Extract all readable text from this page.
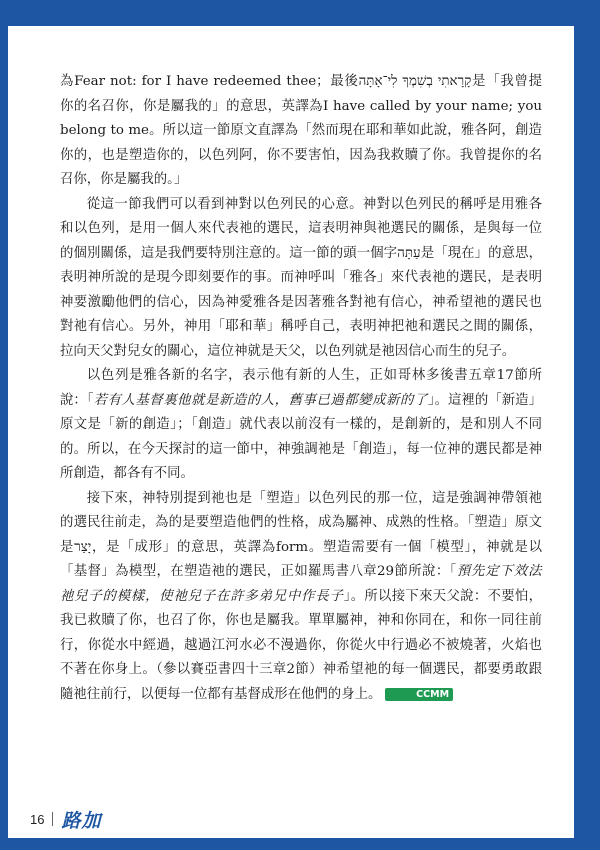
為Fear not: for I have redeemed thee；最後קָרָאתִי בְשִׁמְךָ לִי־אָתָּה是「我曾提你的名召你，你是屬我的」的意思，英譯為I have called by your name; you belong to me。所以這一節原文直譯為「然而現在耶和華如此說，雅各阿，創造你的，也是塑造你的，以色列阿，你不要害怕，因為我救贖了你。我曾提你的名召你，你是屬我的。」

從這一節我們可以看到神對以色列民的心意。神對以色列民的稱呼是用雅各和以色列，是用一個人來代表祂的選民，這表明神與祂選民的關係，是與每一位的個別關係，這是我們要特別注意的。這一節的頭一個字עַתָּה是「現在」的意思，表明神所說的是現今即刻要作的事。而神呼叫「雅各」來代表祂的選民，是表明神要激勵他們的信心，因為神愛雅各是因著雅各對祂有信心，神希望祂的選民也對祂有信心。另外，神用「耶和華」稱呼自己，表明神把祂和選民之間的關係，拉向天父對兒女的關心，這位神就是天父，以色列就是祂因信心而生的兒子。

以色列是雅各新的名字，表示他有新的人生，正如哥林多後書五章17節所說：「若有人基督裏他就是新造的人，舊事已過都變成新的了」。這裡的「新造」原文是「新的創造」；「創造」就代表以前沒有一樣的，是創新的，是和別人不同的。所以，在今天探討的這一節中，神強調祂是「創造」，每一位神的選民都是神所創造，都各有不同。

接下來，神特別提到祂也是「塑造」以色列民的那一位，這是強調神帶領祂的選民往前走，為的是要塑造他們的性格，成為屬神、成熟的性格。「塑造」原文是יָצַר，是「成形」的意思，英譯為form。塑造需要有一個「模型」，神就是以「基督」為模型，在塑造祂的選民，正如羅馬書八章29節所說：「預先定下效法祂兒子的模樣，使祂兒子在許多弟兄中作長子」。所以接下來天父說：不要怕，我已救贖了你，也召了你，你也是屬我。單單屬神，神和你同在，和你一同往前行，你從水中經過，越過江河水必不漫過你，你從火中行過必不被燒著，火焰也不著在你身上。（參以賽亞書四十三章2節）神希望祂的每一個選民，都要勇敢跟隨祂往前行，以便每一位都有基督成形在他們的身上。	CCMM

16 路加
